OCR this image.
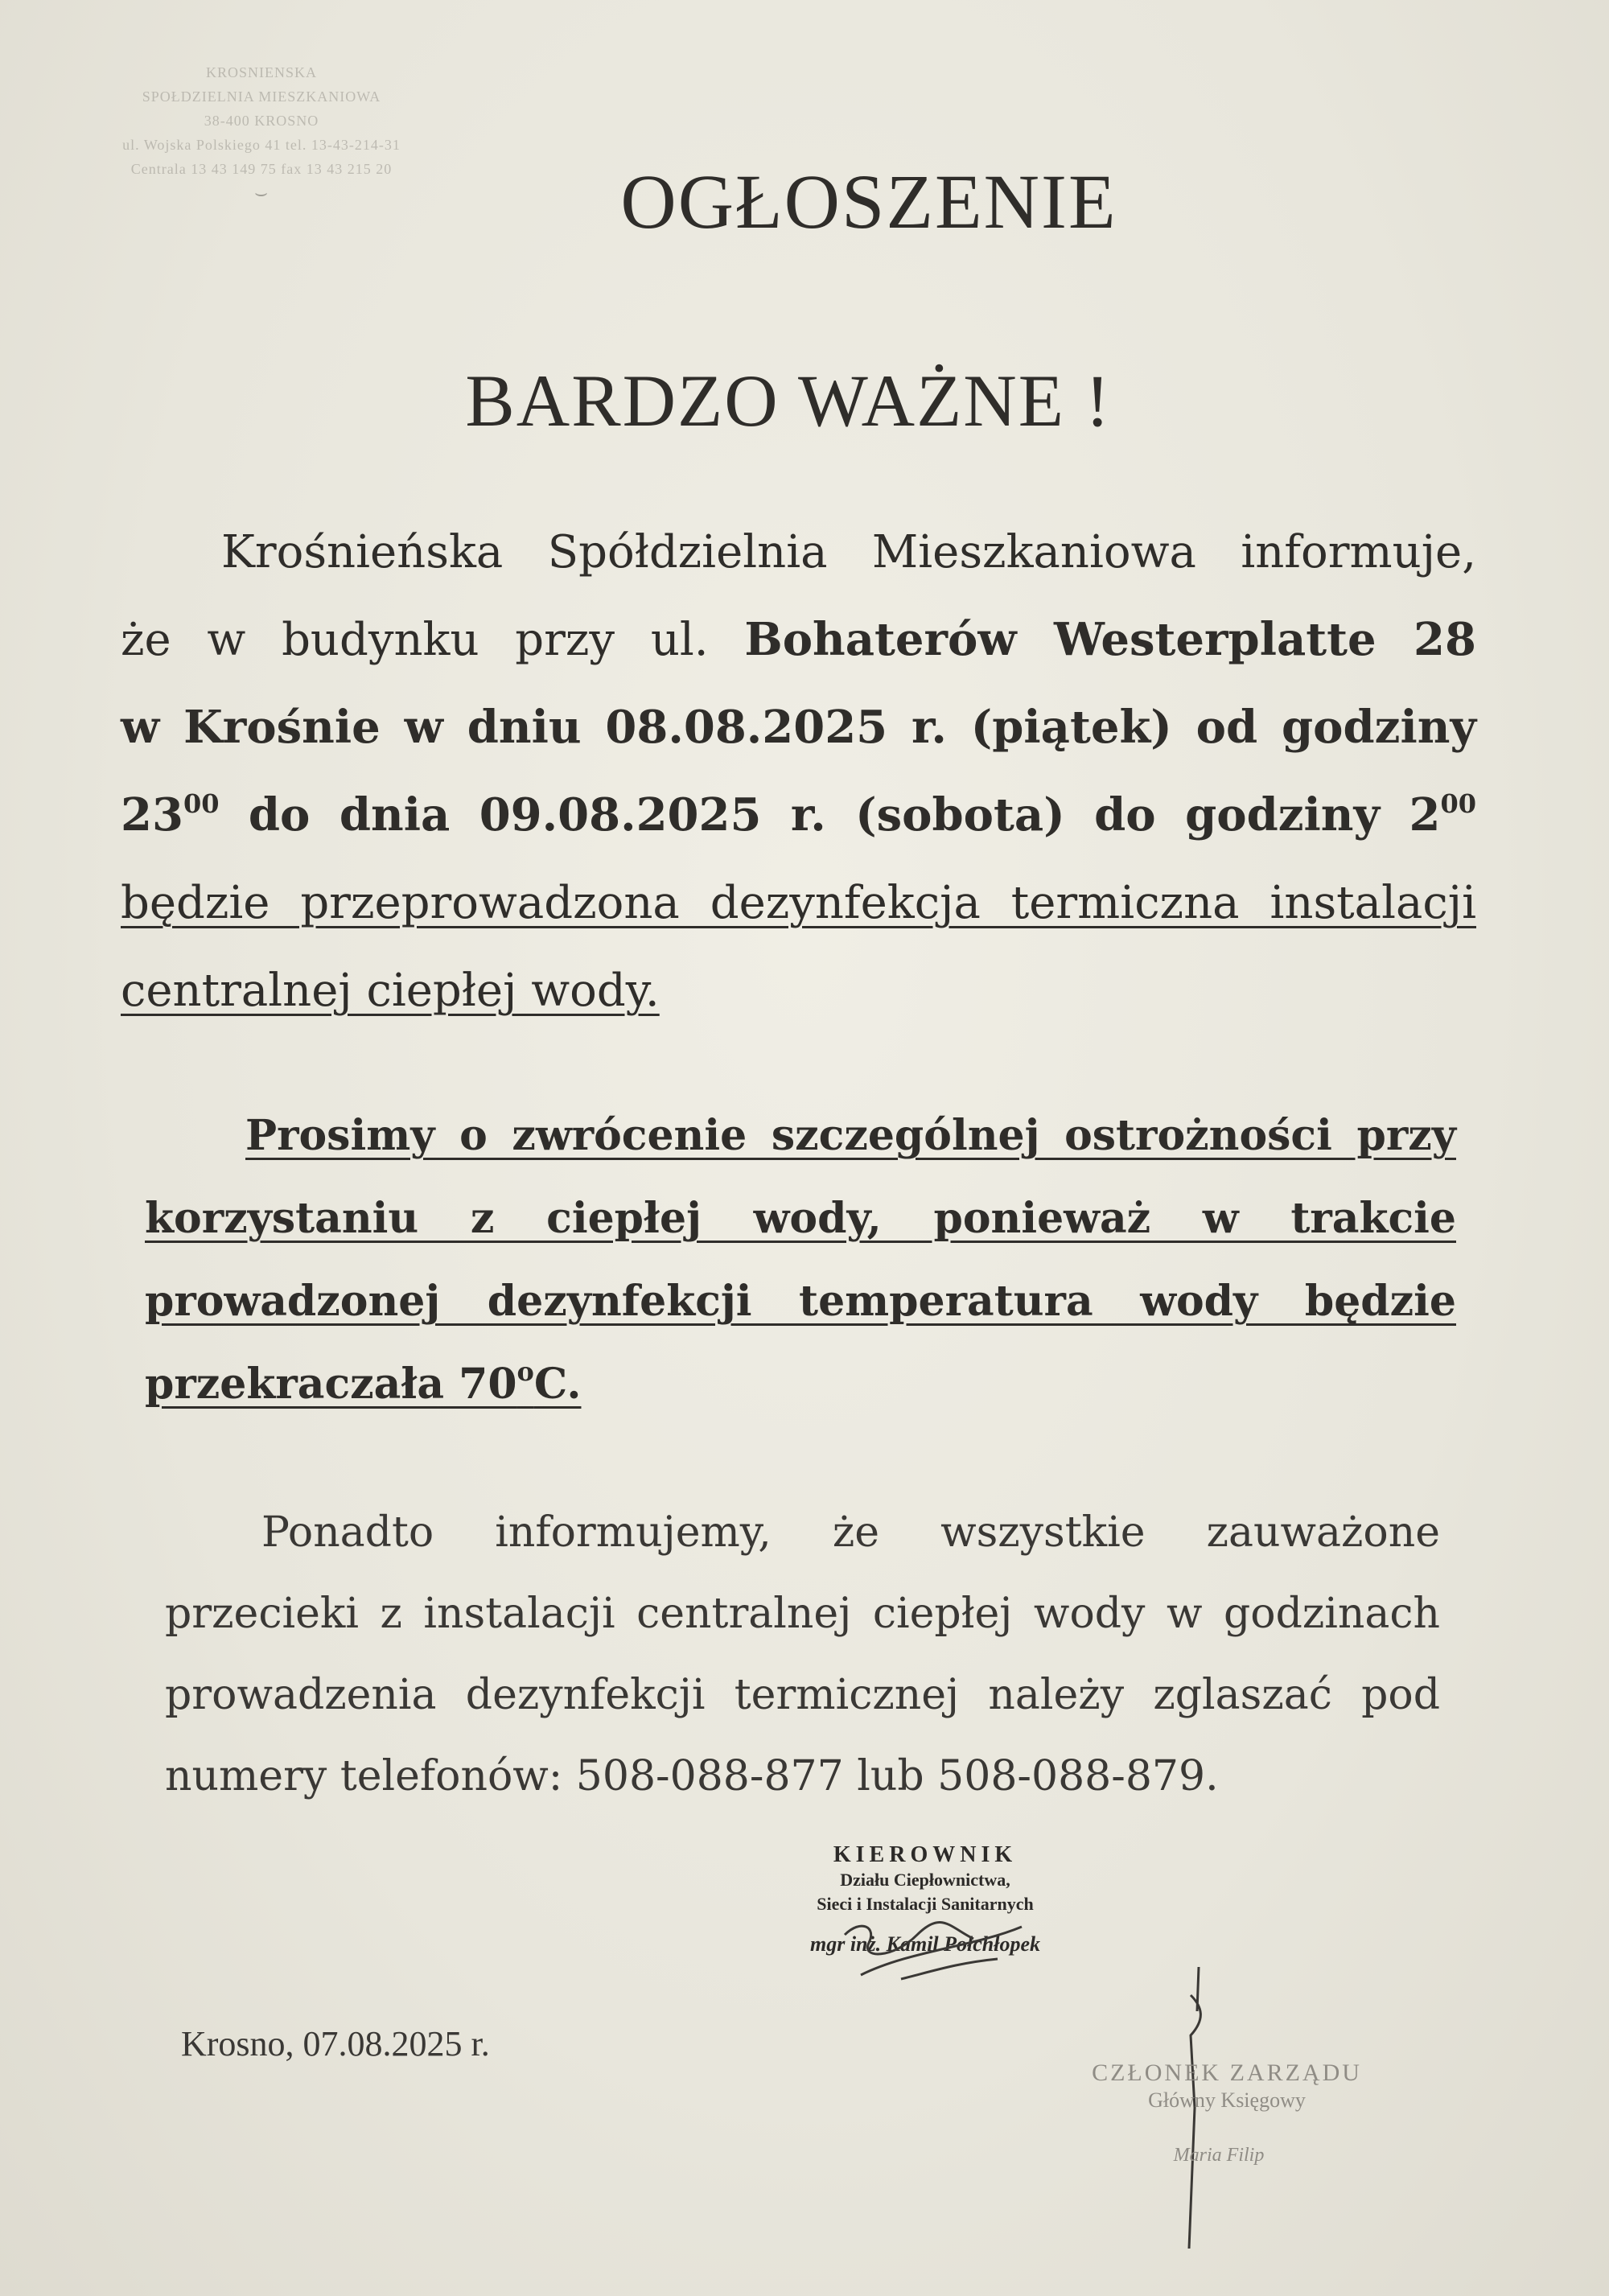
KROSNIENSKA
SPOŁDZIELNIA MIESZKANIOWA
38-400 KROSNO
ul. Wojska Polskiego 41 tel. 13-43-214-31
Centrala 13 43 149 75 fax 13 43 215 20
⌣	OGŁOSZENIE
BARDZO WAŻNE !
Krośnieńska Spółdzielnia Mieszkaniowa informuje,
że w budynku przy ul. Bohaterów Westerplatte 28
w Krośnie w dniu 08.08.2025 r. (piątek) od godziny
$23^{00}$ do dnia 09.08.2025 r. (sobota) do godziny $2^{00}$
będzie przeprowadzona dezynfekcja termiczna instalacji
centralnej ciepłej wody.
Prosimy o zwrócenie szczególnej ostrożności przy
korzystaniu z ciepłej wody, ponieważ w trakcie
prowadzonej dezynfekcji temperatura wody będzie
przekraczała 70$^o$C.
Ponadto informujemy, że wszystkie zauważone
przecieki z instalacji centralnej ciepłej wody w godzinach
prowadzenia dezynfekcji termicznej należy zglaszać pod
numery telefonów: 508-088-877 lub 508-088-879.
KIEROWNIK
Działu Ciepłownictwa,
Sieci i Instalacji Sanitarnych
mgr inż. Kamil Połchłopek
Krosno, 07.08.2025 r.
CZŁONEK ZARZĄDU
Główny Księgowy
Maria Filip
